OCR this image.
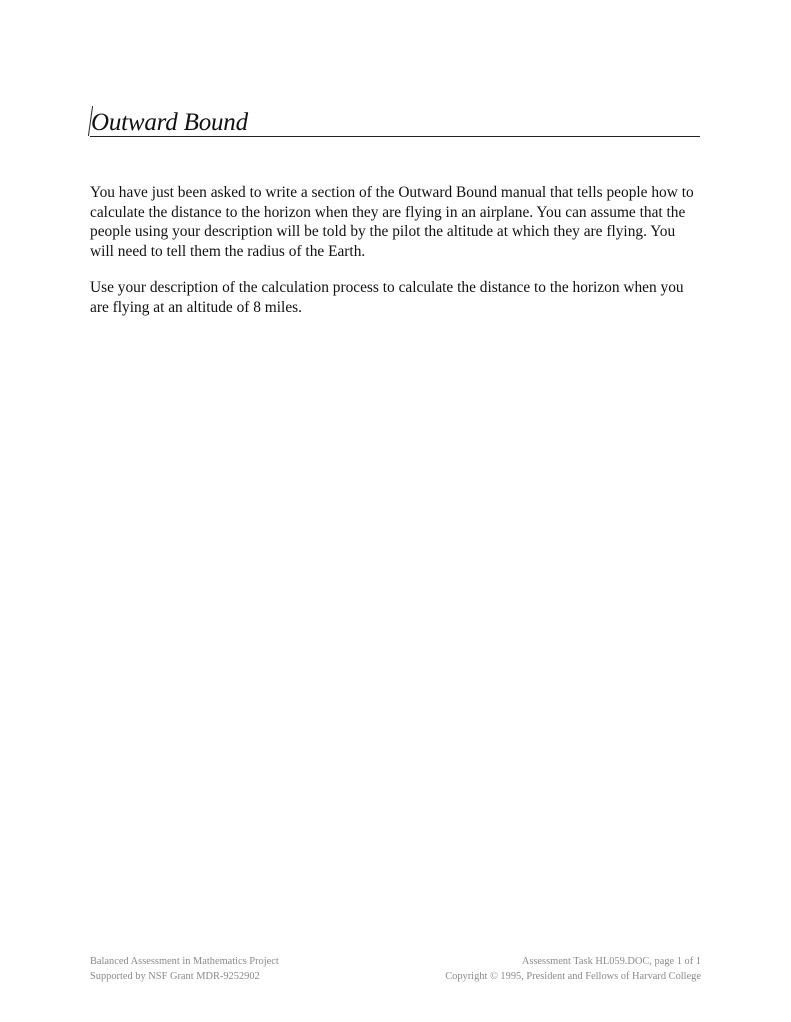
Outward Bound

You have just been asked to write a section of the Outward Bound manual that tells people how to calculate the distance to the horizon when they are flying in an airplane. You can assume that the people using your description will be told by the pilot the altitude at which they are flying. You will need to tell them the radius of the Earth.

Use your description of the calculation process to calculate the distance to the horizon when you are flying at an altitude of 8 miles.

Balanced Assessment in Mathematics Project
Supported by NSF Grant MDR-9252902
Assessment Task HL059.DOC, page 1 of 1
Copyright © 1995, President and Fellows of Harvard College
